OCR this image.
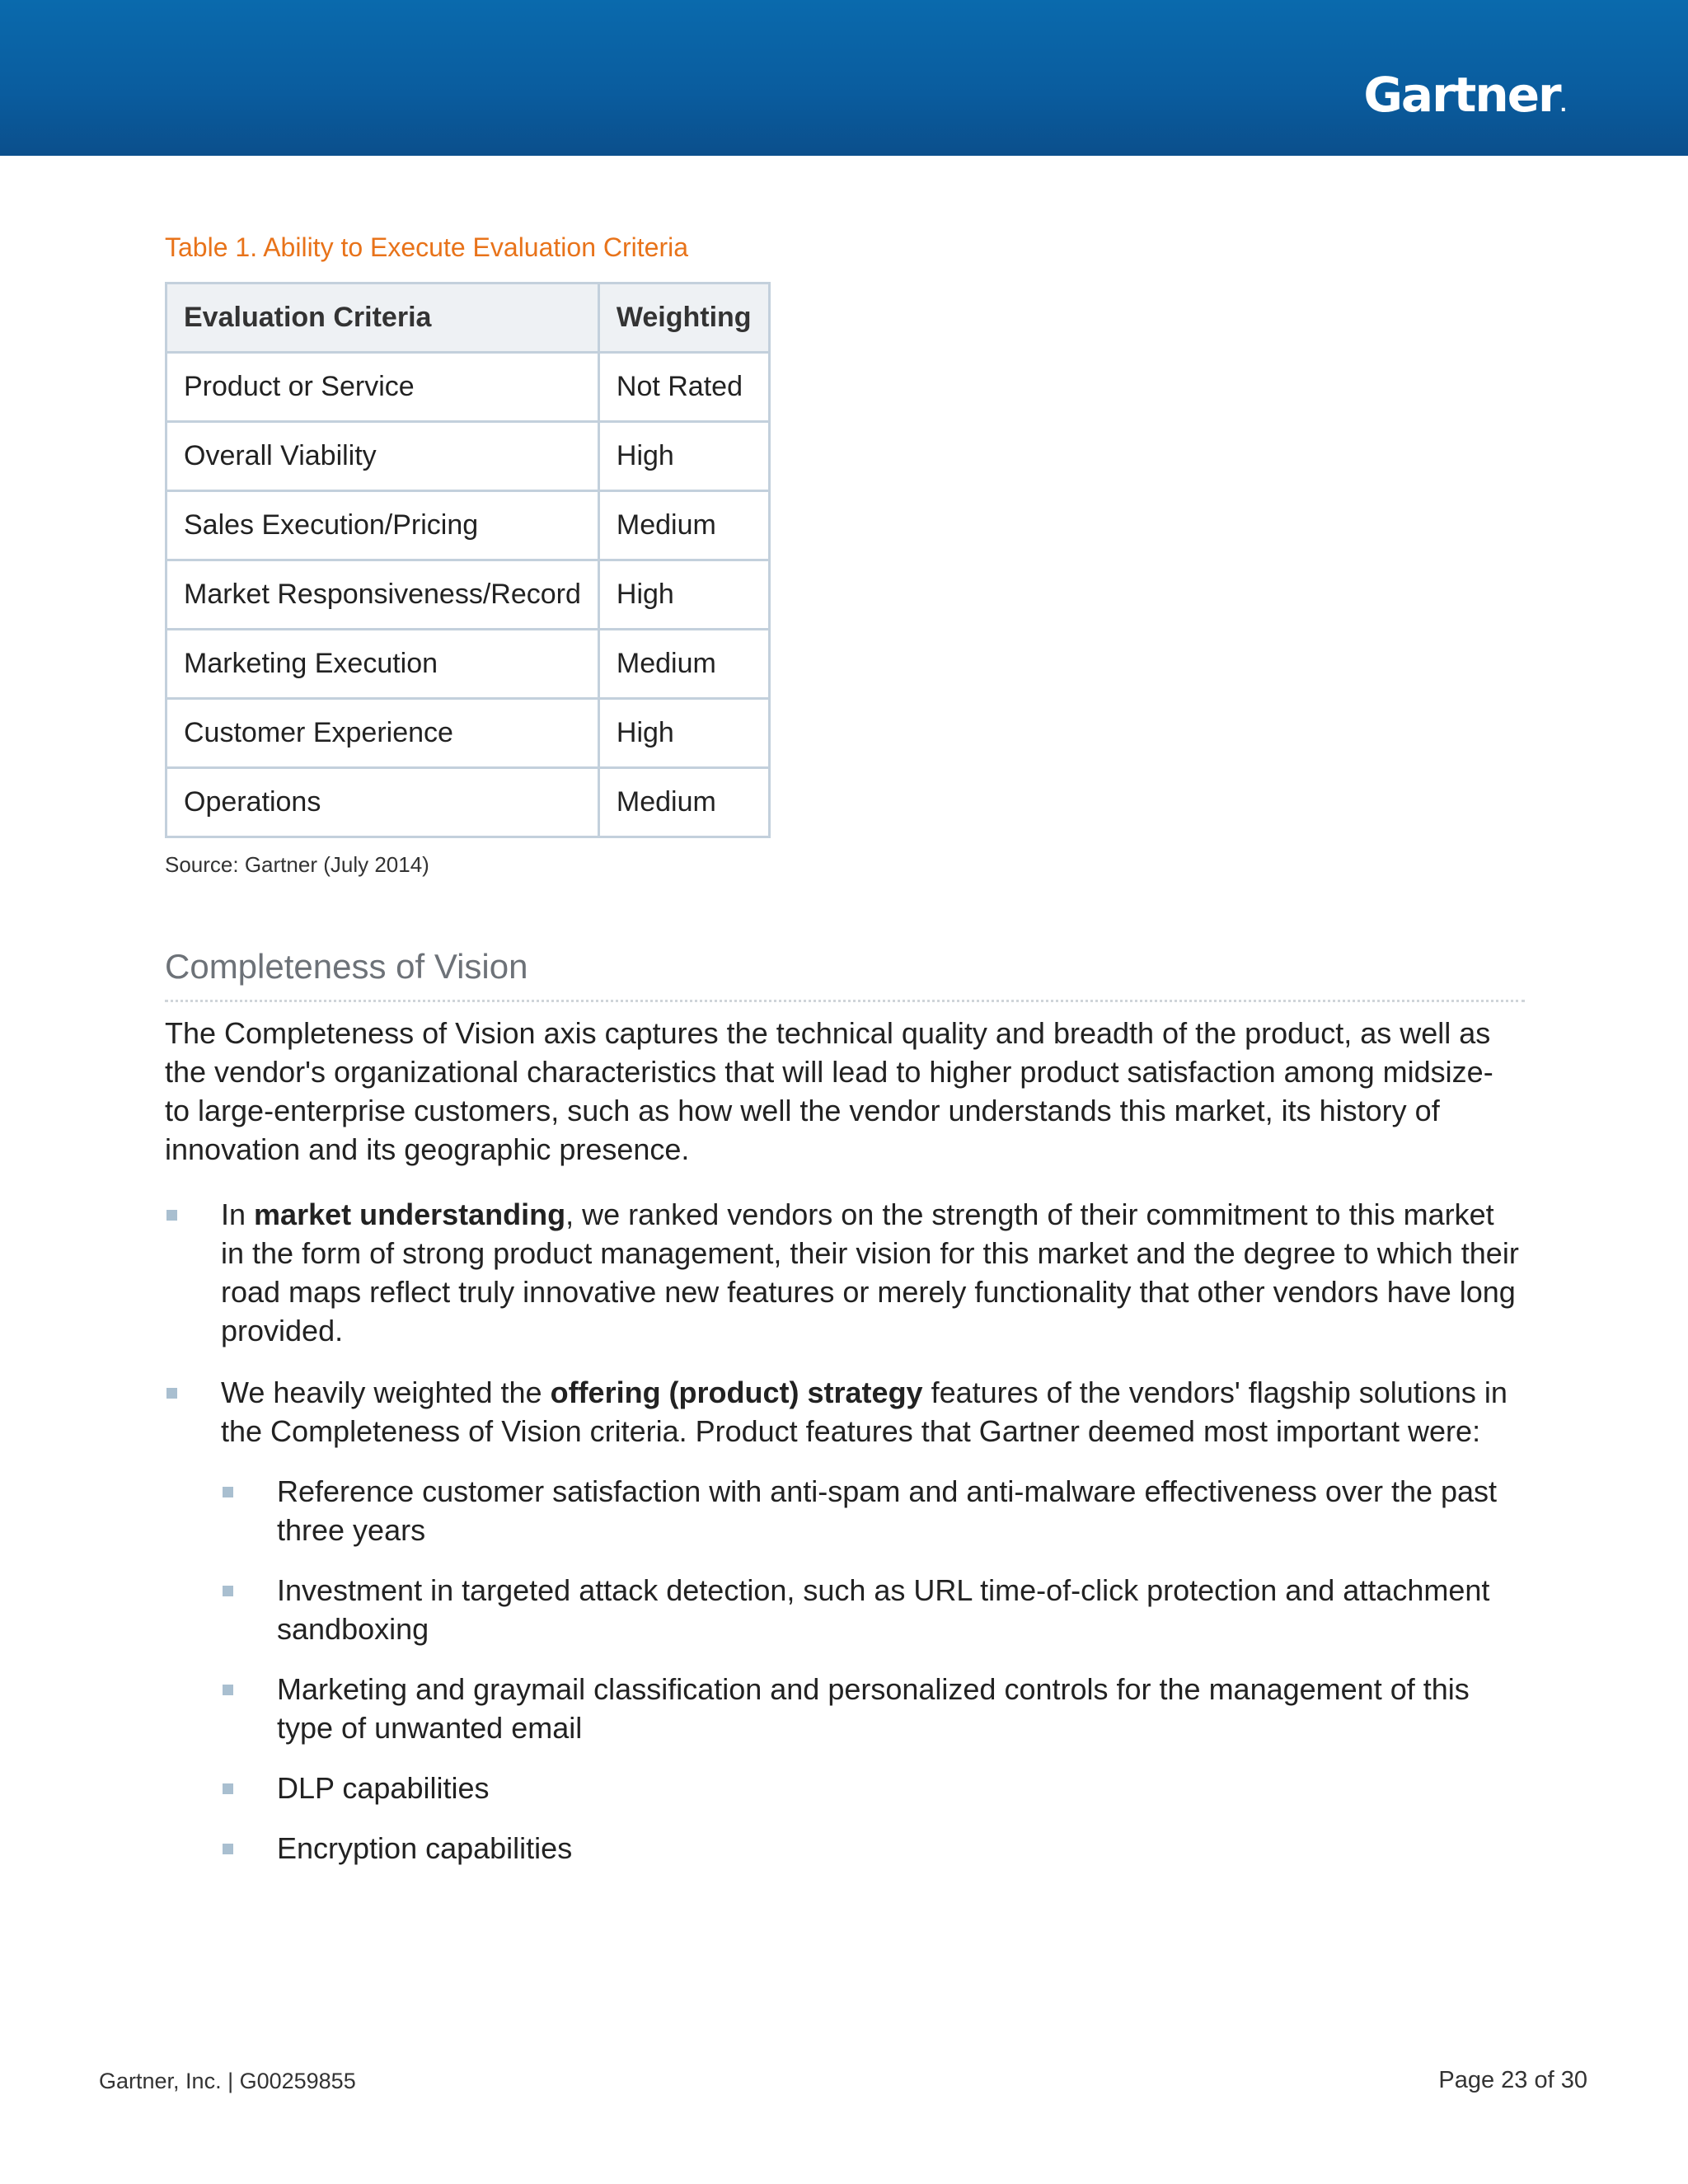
Gartner.
Table 1. Ability to Execute Evaluation Criteria
Evaluation Criteria	Weighting
Product or Service	Not Rated
Overall Viability	High
Sales Execution/Pricing	Medium
Market Responsiveness/Record	High
Marketing Execution	Medium
Customer Experience	High
Operations	Medium
Source: Gartner (July 2014)
Completeness of Vision
The Completeness of Vision axis captures the technical quality and breadth of the product, as well as the vendor's organizational characteristics that will lead to higher product satisfaction among midsize- to large-enterprise customers, such as how well the vendor understands this market, its history of innovation and its geographic presence.
In market understanding, we ranked vendors on the strength of their commitment to this market in the form of strong product management, their vision for this market and the degree to which their road maps reflect truly innovative new features or merely functionality that other vendors have long provided.
We heavily weighted the offering (product) strategy features of the vendors' flagship solutions in the Completeness of Vision criteria. Product features that Gartner deemed most important were:
Reference customer satisfaction with anti-spam and anti-malware effectiveness over the past three years
Investment in targeted attack detection, such as URL time-of-click protection and attachment sandboxing
Marketing and graymail classification and personalized controls for the management of this type of unwanted email
DLP capabilities
Encryption capabilities
Gartner, Inc. | G00259855	Page 23 of 30
